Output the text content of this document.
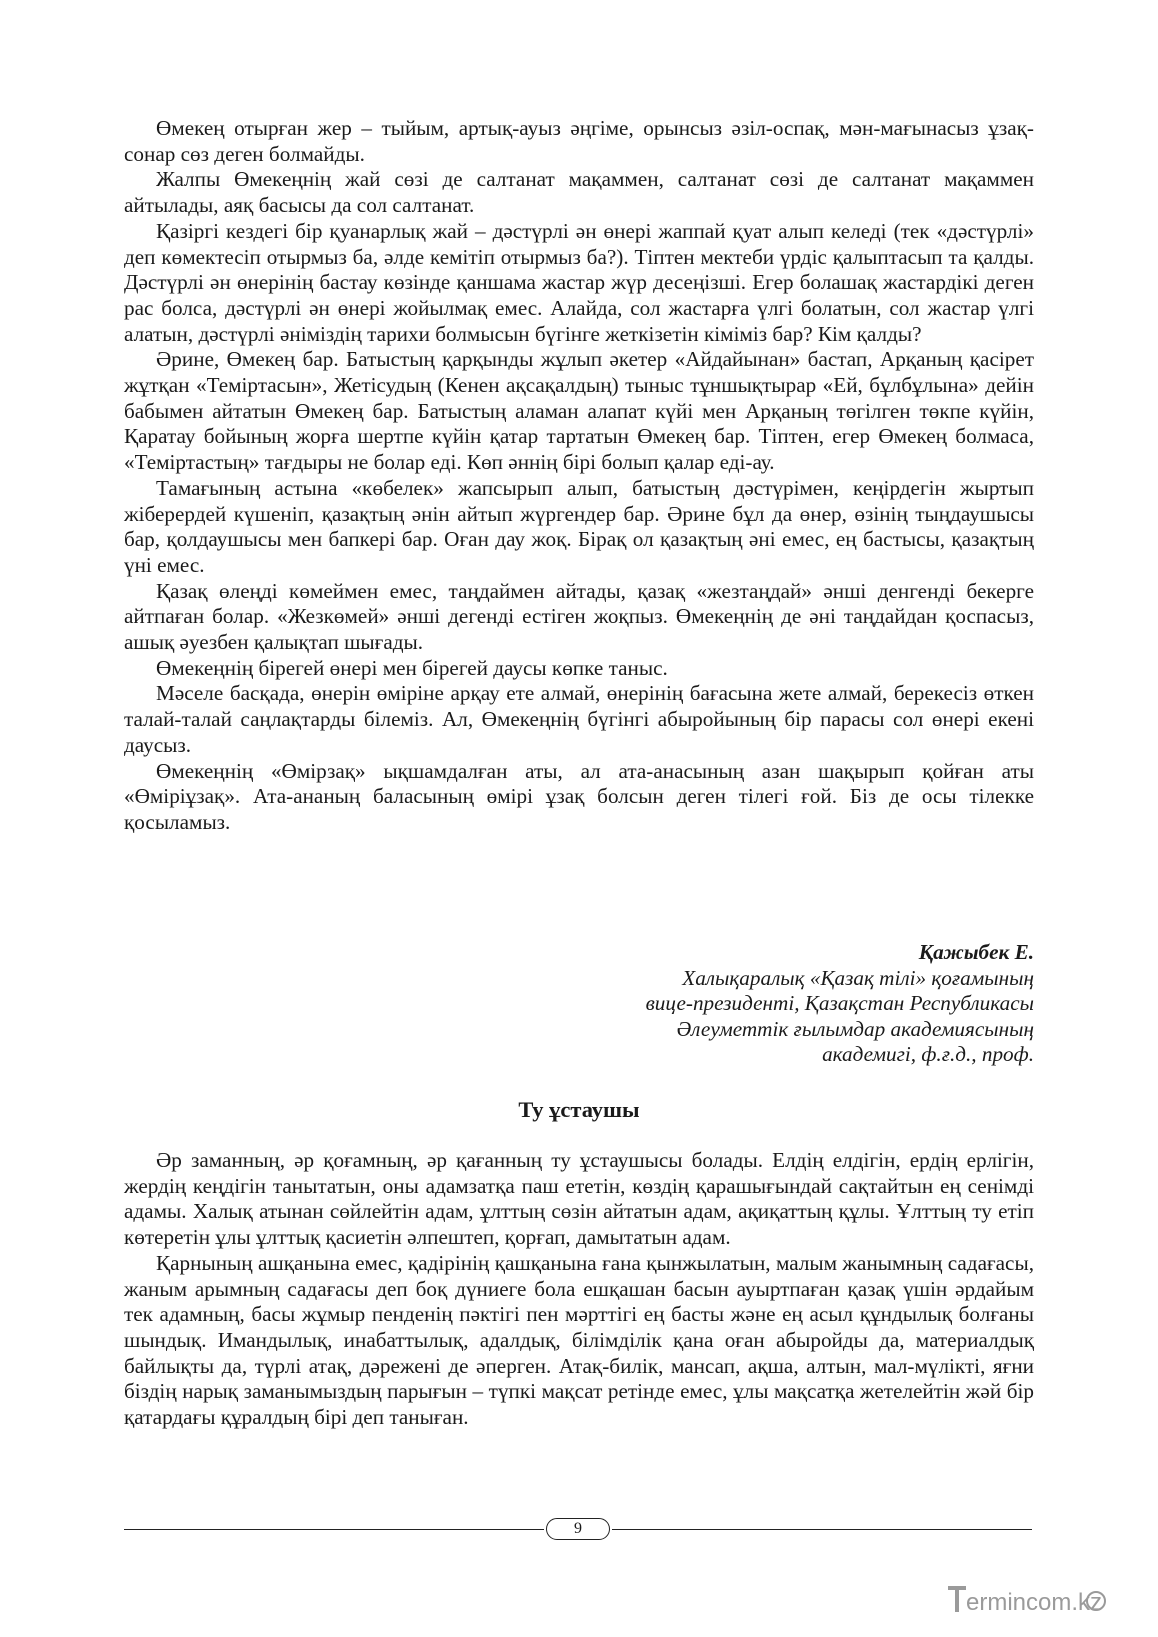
Өмекең отырған жер – тыйым, артық-ауыз әңгіме, орынсыз әзіл-оспақ, мән-мағынасыз ұзақ-сонар сөз деген болмайды.

Жалпы Өмекеңнің жай сөзі де салтанат мақаммен, салтанат сөзі де салтанат мақаммен айтылады, аяқ басысы да сол салтанат.

Қазіргі кездегі бір қуанарлық жай – дәстүрлі ән өнері жаппай қуат алып келеді (тек «дәстүрлі» деп көмектесіп отырмыз ба, әлде кемітіп отырмыз ба?). Тіптен мектеби үрдіс қалыптасып та қалды. Дәстүрлі ән өнерінің бастау көзінде қаншама жастар жүр десеңізші. Егер болашақ жастардікі деген рас болса, дәстүрлі ән өнері жойылмақ емес. Алайда, сол жастарға үлгі болатын, сол жастар үлгі алатын, дәстүрлі әніміздің тарихи болмысын бүгінге жеткізетін кіміміз бар? Кім қалды?

Әрине, Өмекең бар. Батыстың қарқынды жұлып әкетер «Айдайынан» бастап, Арқаның қасірет жұтқан «Теміртасын», Жетісудың (Кенен ақсақалдың) тыныс тұншықтырар «Ей, бұлбұлына» дейін бабымен айтатын Өмекең бар. Батыстың аламан алапат күйі мен Арқаның төгілген төкпе күйін, Қаратау бойының жорға шертпе күйін қатар тартатын Өмекең бар. Тіптен, егер Өмекең болмаса, «Теміртастың» тағдыры не болар еді. Көп әннің бірі болып қалар еді-ау.

Тамағының астына «көбелек» жапсырып алып, батыстың дәстүрімен, кеңірдегін жыртып жіберердей күшеніп, қазақтың әнін айтып жүргендер бар. Әрине бұл да өнер, өзінің тыңдаушысы бар, қолдаушысы мен бапкері бар. Оған дау жоқ. Бірақ ол қазақтың әні емес, ең бастысы, қазақтың үні емес.

Қазақ өлеңді көмеймен емес, таңдаймен айтады, қазақ «жезтаңдай» әнші денгенді бекерге айтпаған болар. «Жезкөмей» әнші дегенді естіген жоқпыз. Өмекеңнің де әні таңдайдан қоспасыз, ашық әуезбен қалықтап шығады.

Өмекеңнің бірегей өнері мен бірегей даусы көпке таныс.

Мәселе басқада, өнерін өміріне арқау ете алмай, өнерінің бағасына жете алмай, берекесіз өткен талай-талай саңлақтарды білеміз. Ал, Өмекеңнің бүгінгі абыройының бір парасы сол өнері екені даусыз.

Өмекеңнің «Өмірзақ» ықшамдалған аты, ал ата-анасының азан шақырып қойған аты «Өміріұзақ». Ата-ананың баласының өмірі ұзақ болсын деген тілегі ғой. Біз де осы тілекке қосыламыз.

Қажыбек Е.
Халықаралық «Қазақ тілі» қоғамының
вице-президенті, Қазақстан Республикасы
Әлеуметтік ғылымдар академиясының
академигі, ф.ғ.д., проф.
Ту ұстаушы

Әр заманның, әр қоғамның, әр қағанның ту ұстаушысы болады. Елдің елдігін, ердің ерлігін, жердің кеңдігін танытатын, оны адамзатқа паш ететін, көздің қарашығындай сақтайтын ең сенімді адамы. Халық атынан сөйлейтін адам, ұлттың сөзін айтатын адам, ақиқаттың құлы. Ұлттың ту етіп көтеретін ұлы ұлттық қасиетін әлпештеп, қорғап, дамытатын адам.

Қарнының ашқанына емес, қадірінің қашқанына ғана қынжылатын, малым жанымның садағасы, жаным арымның садағасы деп боқ дүниеге бола ешқашан басын ауыртпаған қазақ үшін әрдайым тек адамның, басы жұмыр пенденің пәктігі пен мәрттігі ең басты және ең асыл құндылық болғаны шындық. Имандылық, инабаттылық, адалдық, білімділік қана оған абыройды да, материалдық байлықты да, түрлі атақ, дәрежені де әперген. Атақ-билік, мансап, ақша, алтын, мал-мүлікті, яғни біздің нарық заманымыздың парығын – түпкі мақсат ретінде емес, ұлы мақсатқа жетелейтін жәй бір қатардағы құралдың бірі деп таныған.

9
ermincom.kz
